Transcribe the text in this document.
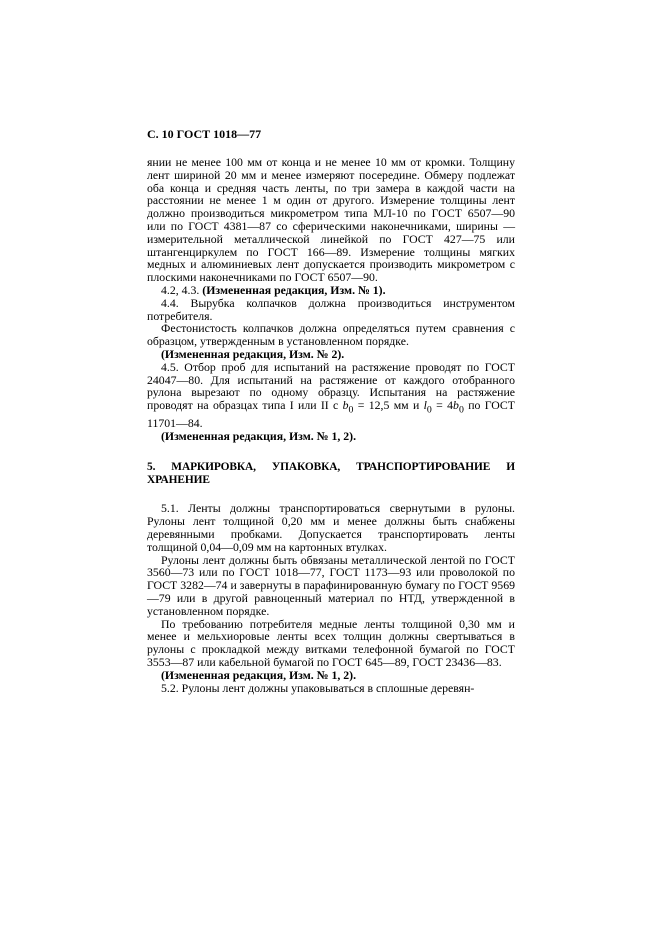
С. 10 ГОСТ 1018—77

янии не менее 100 мм от конца и не менее 10 мм от кромки. Толщину лент шириной 20 мм и менее измеряют посередине. Обмеру подлежат оба конца и средняя часть ленты, по три замера в каждой части на расстоянии не менее 1 м один от другого. Измерение толщины лент должно производиться микрометром типа МЛ-10 по ГОСТ 6507—90 или по ГОСТ 4381—87 со сферическими наконечниками, ширины — измерительной металлической линейкой по ГОСТ 427—75 или штангенциркулем по ГОСТ 166—89. Измерение толщины мягких медных и алюминиевых лент допускается производить микрометром с плоскими наконечниками по ГОСТ 6507—90.

4.2, 4.3. (Измененная редакция, Изм. № 1).

4.4. Вырубка колпачков должна производиться инструментом потребителя.

Фестонистость колпачков должна определяться путем сравнения с образцом, утвержденным в установленном порядке.

(Измененная редакция, Изм. № 2).

4.5. Отбор проб для испытаний на растяжение проводят по ГОСТ 24047—80. Для испытаний на растяжение от каждого отобранного рулона вырезают по одному образцу. Испытания на растяжение проводят на образцах типа I или II с $b_0 = 12,5$ мм и $l_0 = 4b_0$ по ГОСТ 11701—84.

(Измененная редакция, Изм. № 1, 2).

5. МАРКИРОВКА, УПАКОВКА, ТРАНСПОРТИРОВАНИЕ И ХРАНЕНИЕ

5.1. Ленты должны транспортироваться свернутыми в рулоны. Рулоны лент толщиной 0,20 мм и менее должны быть снабжены деревянными пробками. Допускается транспортировать ленты толщиной 0,04—0,09 мм на картонных втулках.

Рулоны лент должны быть обвязаны металлической лентой по ГОСТ 3560—73 или по ГОСТ 1018—77, ГОСТ 1173—93 или проволокой по ГОСТ 3282—74 и завернуты в парафинированную бумагу по ГОСТ 9569—79 или в другой равноценный материал по НТД, утвержденной в установленном порядке.

По требованию потребителя медные ленты толщиной 0,30 мм и менее и мельхиоровые ленты всех толщин должны свертываться в рулоны с прокладкой между витками телефонной бумагой по ГОСТ 3553—87 или кабельной бумагой по ГОСТ 645—89, ГОСТ 23436—83.

(Измененная редакция, Изм. № 1, 2).

5.2. Рулоны лент должны упаковываться в сплошные деревян-
